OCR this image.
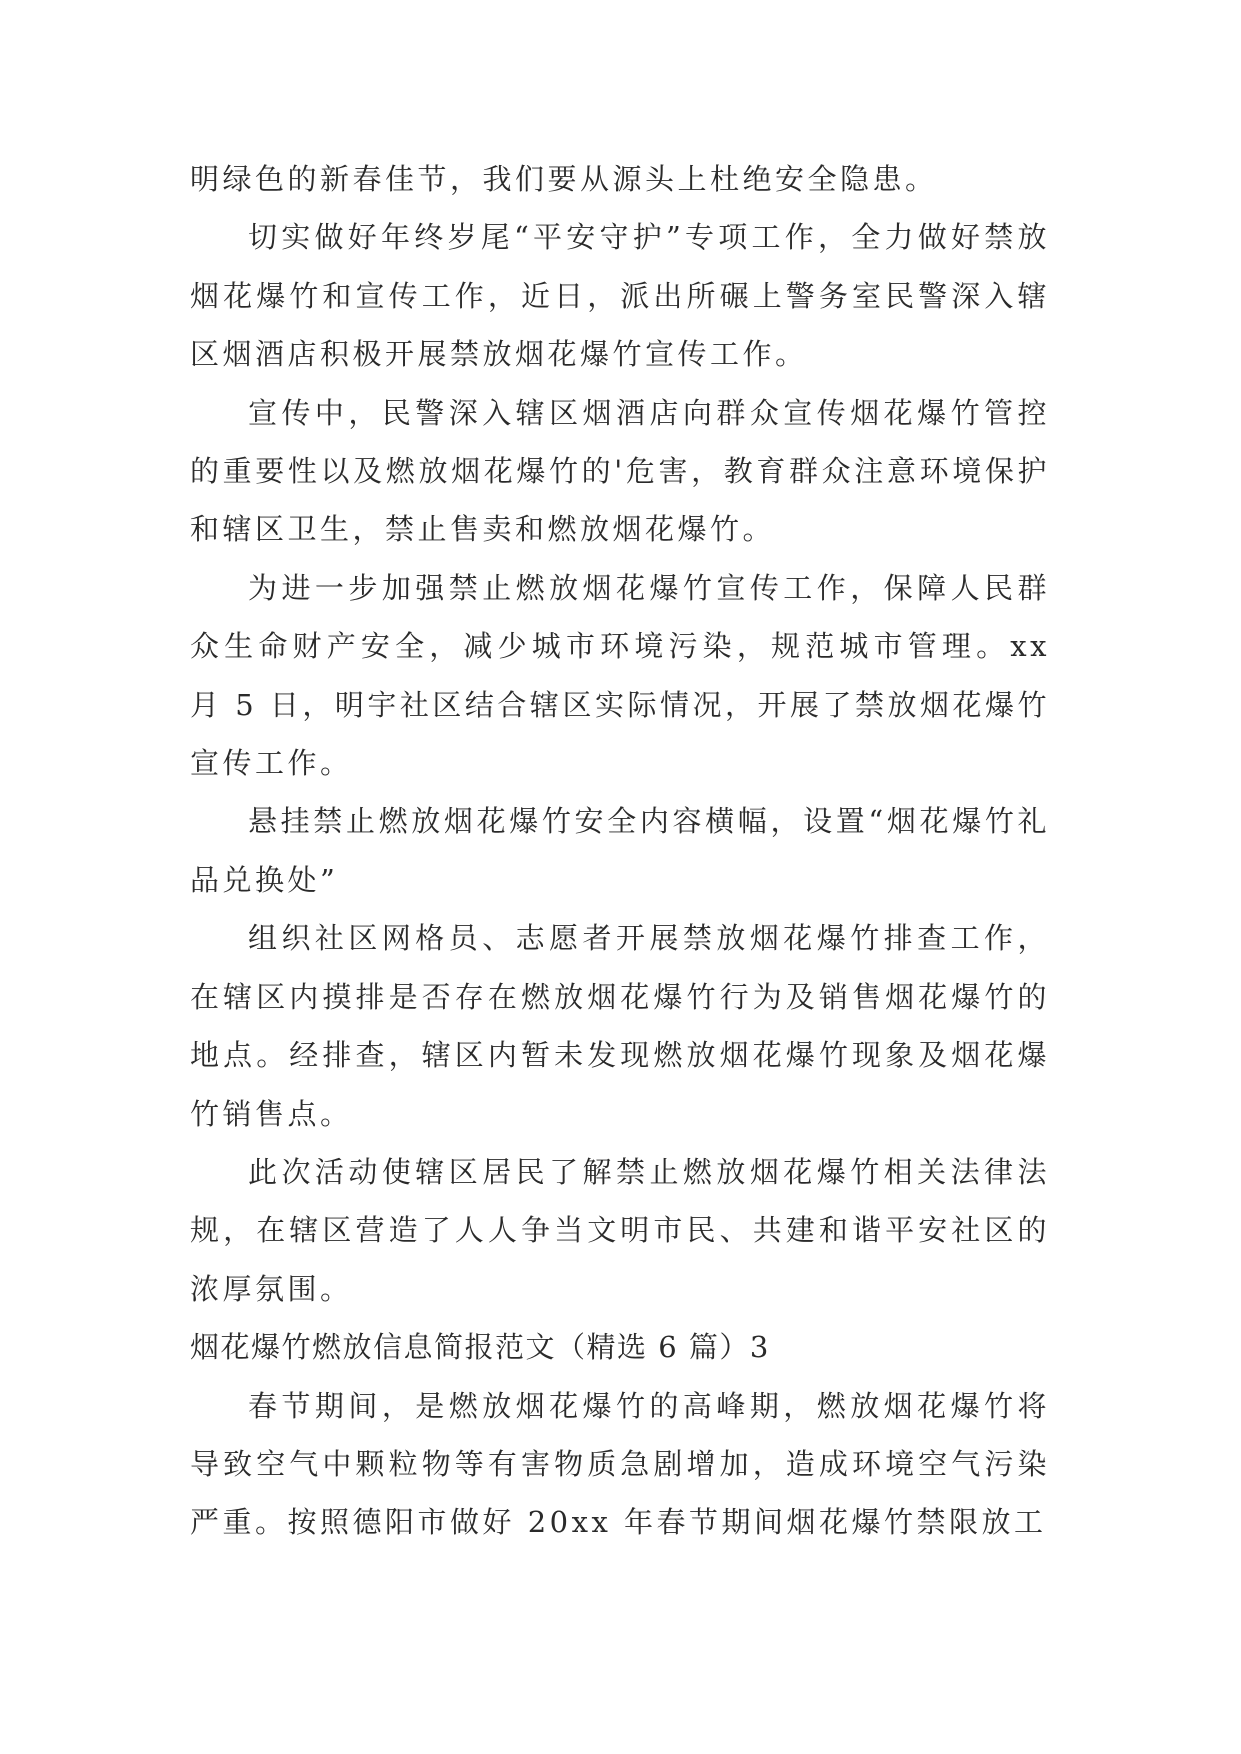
明绿色的新春佳节，我们要从源头上杜绝安全隐患。

切实做好年终岁尾“平安守护”专项工作，全力做好禁放烟花爆竹和宣传工作，近日，派出所碾上警务室民警深入辖区烟酒店积极开展禁放烟花爆竹宣传工作。

宣传中，民警深入辖区烟酒店向群众宣传烟花爆竹管控的重要性以及燃放烟花爆竹的'危害，教育群众注意环境保护和辖区卫生，禁止售卖和燃放烟花爆竹。

为进一步加强禁止燃放烟花爆竹宣传工作，保障人民群众生命财产安全，减少城市环境污染，规范城市管理。xx 月 5 日，明宇社区结合辖区实际情况，开展了禁放烟花爆竹宣传工作。

悬挂禁止燃放烟花爆竹安全内容横幅，设置“烟花爆竹礼品兑换处”

组织社区网格员、志愿者开展禁放烟花爆竹排查工作，在辖区内摸排是否存在燃放烟花爆竹行为及销售烟花爆竹的地点。经排查，辖区内暂未发现燃放烟花爆竹现象及烟花爆竹销售点。

此次活动使辖区居民了解禁止燃放烟花爆竹相关法律法规，在辖区营造了人人争当文明市民、共建和谐平安社区的浓厚氛围。

烟花爆竹燃放信息简报范文（精选 6 篇）3

春节期间，是燃放烟花爆竹的高峰期，燃放烟花爆竹将导致空气中颗粒物等有害物质急剧增加，造成环境空气污染严重。按照德阳市做好 20xx 年春节期间烟花爆竹禁限放工
